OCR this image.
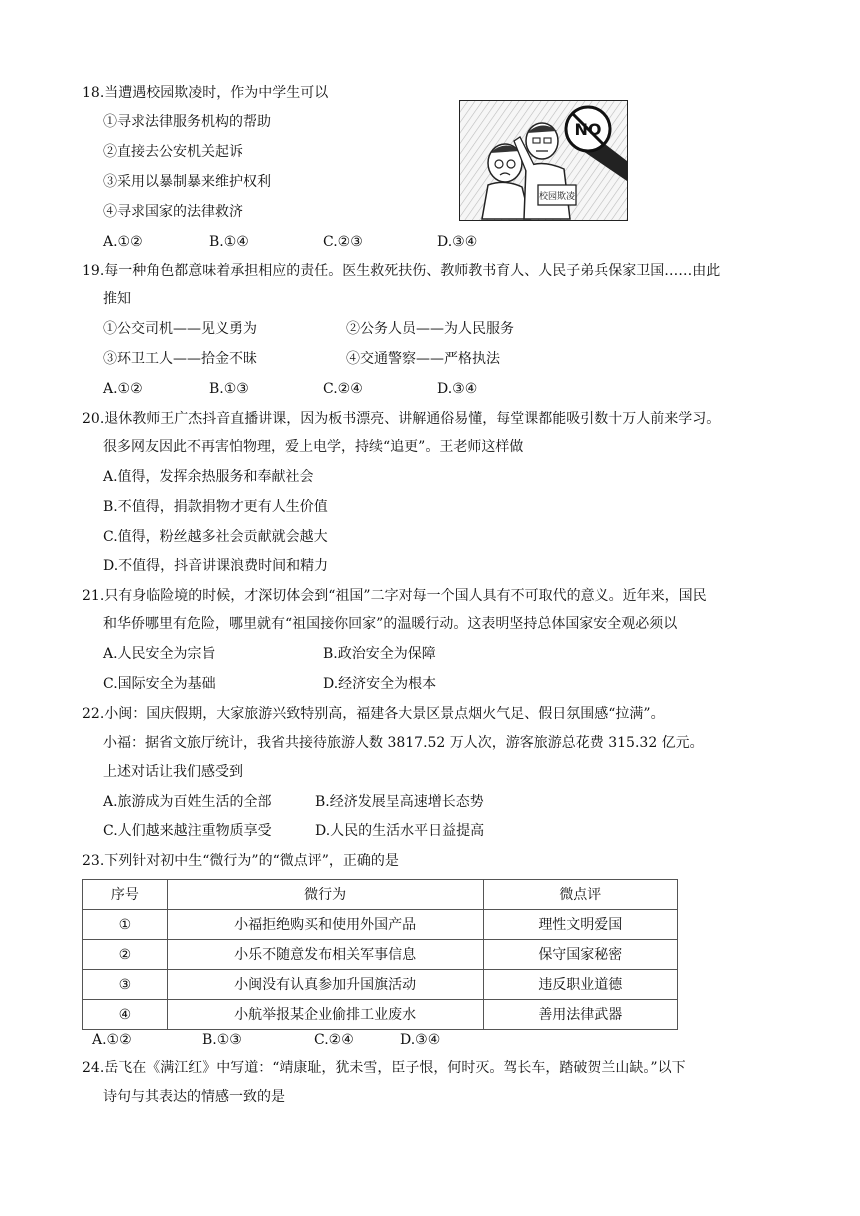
18.当遭遇校园欺凌时，作为中学生可以
①寻求法律服务机构的帮助
②直接去公安机关起诉
③采用以暴制暴来维护权利
④寻求国家的法律救济
校园欺凌
NO
A.①②	B.①④	C.②③	D.③④
19.每一种角色都意味着承担相应的责任。医生救死扶伤、教师教书育人、人民子弟兵保家卫国……由此
推知
①公交司机——见义勇为	②公务人员——为人民服务
③环卫工人——拾金不昧	④交通警察——严格执法
A.①②	B.①③	C.②④	D.③④
20.退休教师王广杰抖音直播讲课，因为板书漂亮、讲解通俗易懂，每堂课都能吸引数十万人前来学习。
很多网友因此不再害怕物理，爱上电学，持续“追更”。王老师这样做
A.值得，发挥余热服务和奉献社会
B.不值得，捐款捐物才更有人生价值
C.值得，粉丝越多社会贡献就会越大
D.不值得，抖音讲课浪费时间和精力
21.只有身临险境的时候，才深切体会到“祖国”二字对每一个国人具有不可取代的意义。近年来，国民
和华侨哪里有危险，哪里就有“祖国接你回家”的温暖行动。这表明坚持总体国家安全观必须以
A.人民安全为宗旨	B.政治安全为保障
C.国际安全为基础	D.经济安全为根本
22.小闽：国庆假期，大家旅游兴致特别高，福建各大景区景点烟火气足、假日氛围感“拉满”。
小福：据省文旅厅统计，我省共接待旅游人数 3817.52 万人次，游客旅游总花费 315.32 亿元。
上述对话让我们感受到
A.旅游成为百姓生活的全部	B.经济发展呈高速增长态势
C.人们越来越注重物质享受	D.人民的生活水平日益提高
23.下列针对初中生“微行为”的“微点评”，正确的是
序号	微行为	微点评
①	小福拒绝购买和使用外国产品	理性文明爱国
②	小乐不随意发布相关军事信息	保守国家秘密
③	小闽没有认真参加升国旗活动	违反职业道德
④	小航举报某企业偷排工业废水	善用法律武器
A.①②	B.①③	C.②④	D.③④
24.岳飞在《满江红》中写道：“靖康耻，犹未雪，臣子恨，何时灭。驾长车，踏破贺兰山缺。”以下
诗句与其表达的情感一致的是
